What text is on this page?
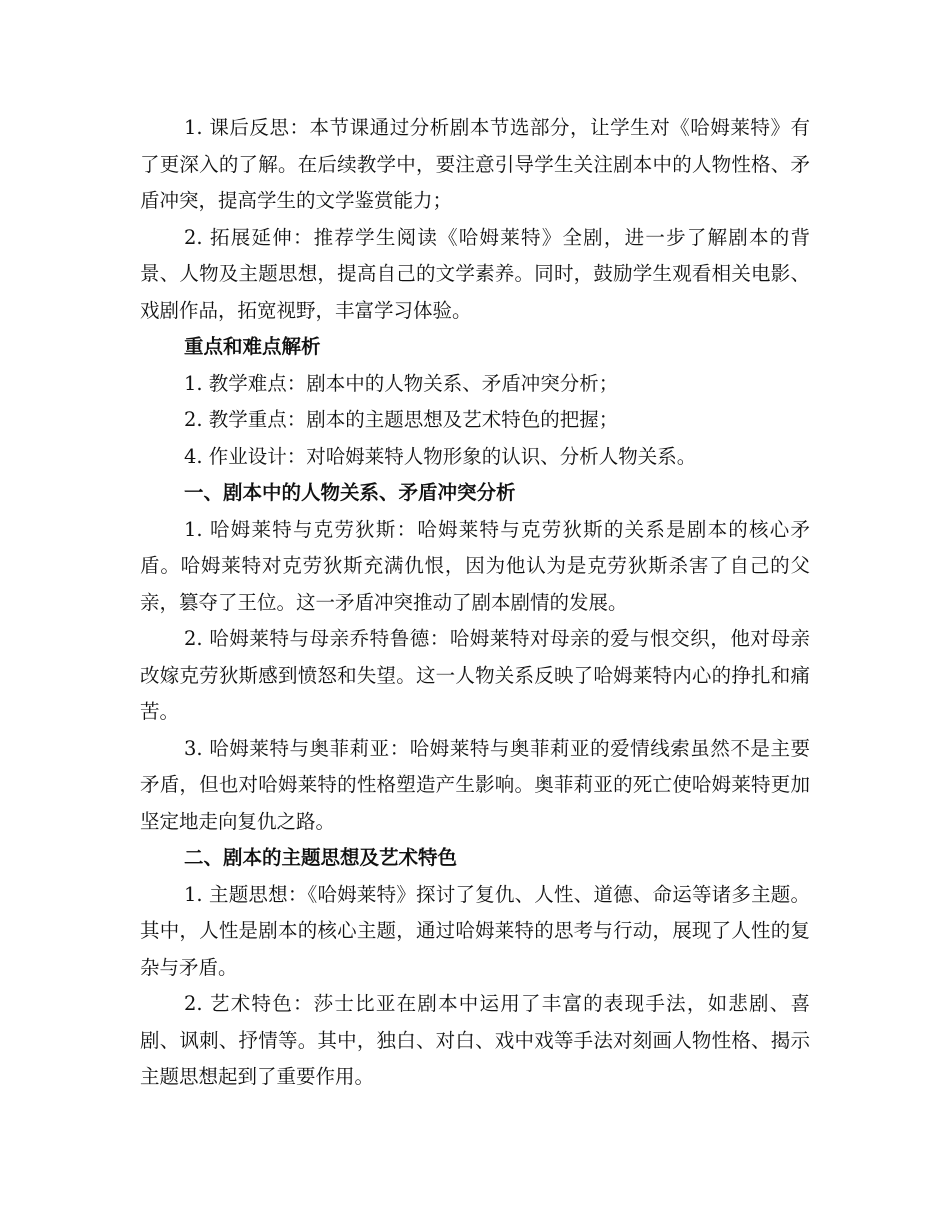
1. 课后反思：本节课通过分析剧本节选部分，让学生对《哈姆莱特》有了更深入的了解。在后续教学中，要注意引导学生关注剧本中的人物性格、矛盾冲突，提高学生的文学鉴赏能力；

2. 拓展延伸：推荐学生阅读《哈姆莱特》全剧，进一步了解剧本的背景、人物及主题思想，提高自己的文学素养。同时，鼓励学生观看相关电影、戏剧作品，拓宽视野，丰富学习体验。

重点和难点解析

1. 教学难点：剧本中的人物关系、矛盾冲突分析；

2. 教学重点：剧本的主题思想及艺术特色的把握；

4. 作业设计：对哈姆莱特人物形象的认识、分析人物关系。

一、剧本中的人物关系、矛盾冲突分析

1. 哈姆莱特与克劳狄斯：哈姆莱特与克劳狄斯的关系是剧本的核心矛盾。哈姆莱特对克劳狄斯充满仇恨，因为他认为是克劳狄斯杀害了自己的父亲，篡夺了王位。这一矛盾冲突推动了剧本剧情的发展。

2. 哈姆莱特与母亲乔特鲁德：哈姆莱特对母亲的爱与恨交织，他对母亲改嫁克劳狄斯感到愤怒和失望。这一人物关系反映了哈姆莱特内心的挣扎和痛苦。

3. 哈姆莱特与奥菲莉亚：哈姆莱特与奥菲莉亚的爱情线索虽然不是主要矛盾，但也对哈姆莱特的性格塑造产生影响。奥菲莉亚的死亡使哈姆莱特更加坚定地走向复仇之路。

二、剧本的主题思想及艺术特色

1. 主题思想：《哈姆莱特》探讨了复仇、人性、道德、命运等诸多主题。其中，人性是剧本的核心主题，通过哈姆莱特的思考与行动，展现了人性的复杂与矛盾。

2. 艺术特色：莎士比亚在剧本中运用了丰富的表现手法，如悲剧、喜剧、讽刺、抒情等。其中，独白、对白、戏中戏等手法对刻画人物性格、揭示主题思想起到了重要作用。
